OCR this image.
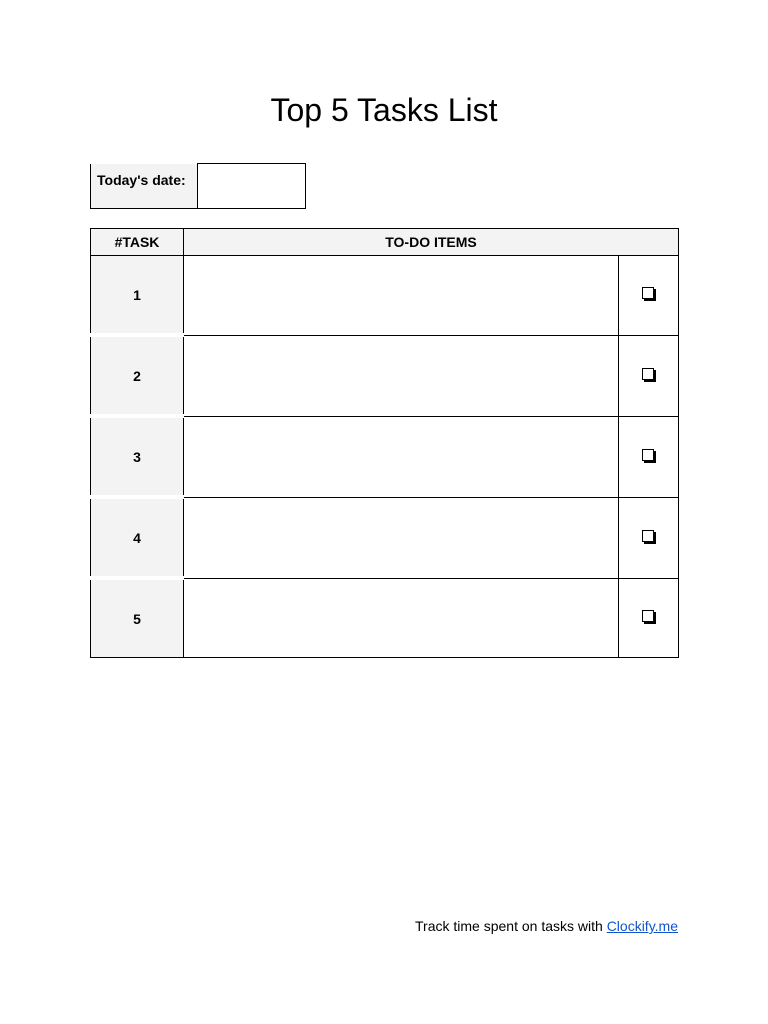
Top 5 Tasks List
Today's date:	
#TASK	TO-DO ITEMS	
1		
2		
3		
4		
5		
Track time spent on tasks with Clockify.me
